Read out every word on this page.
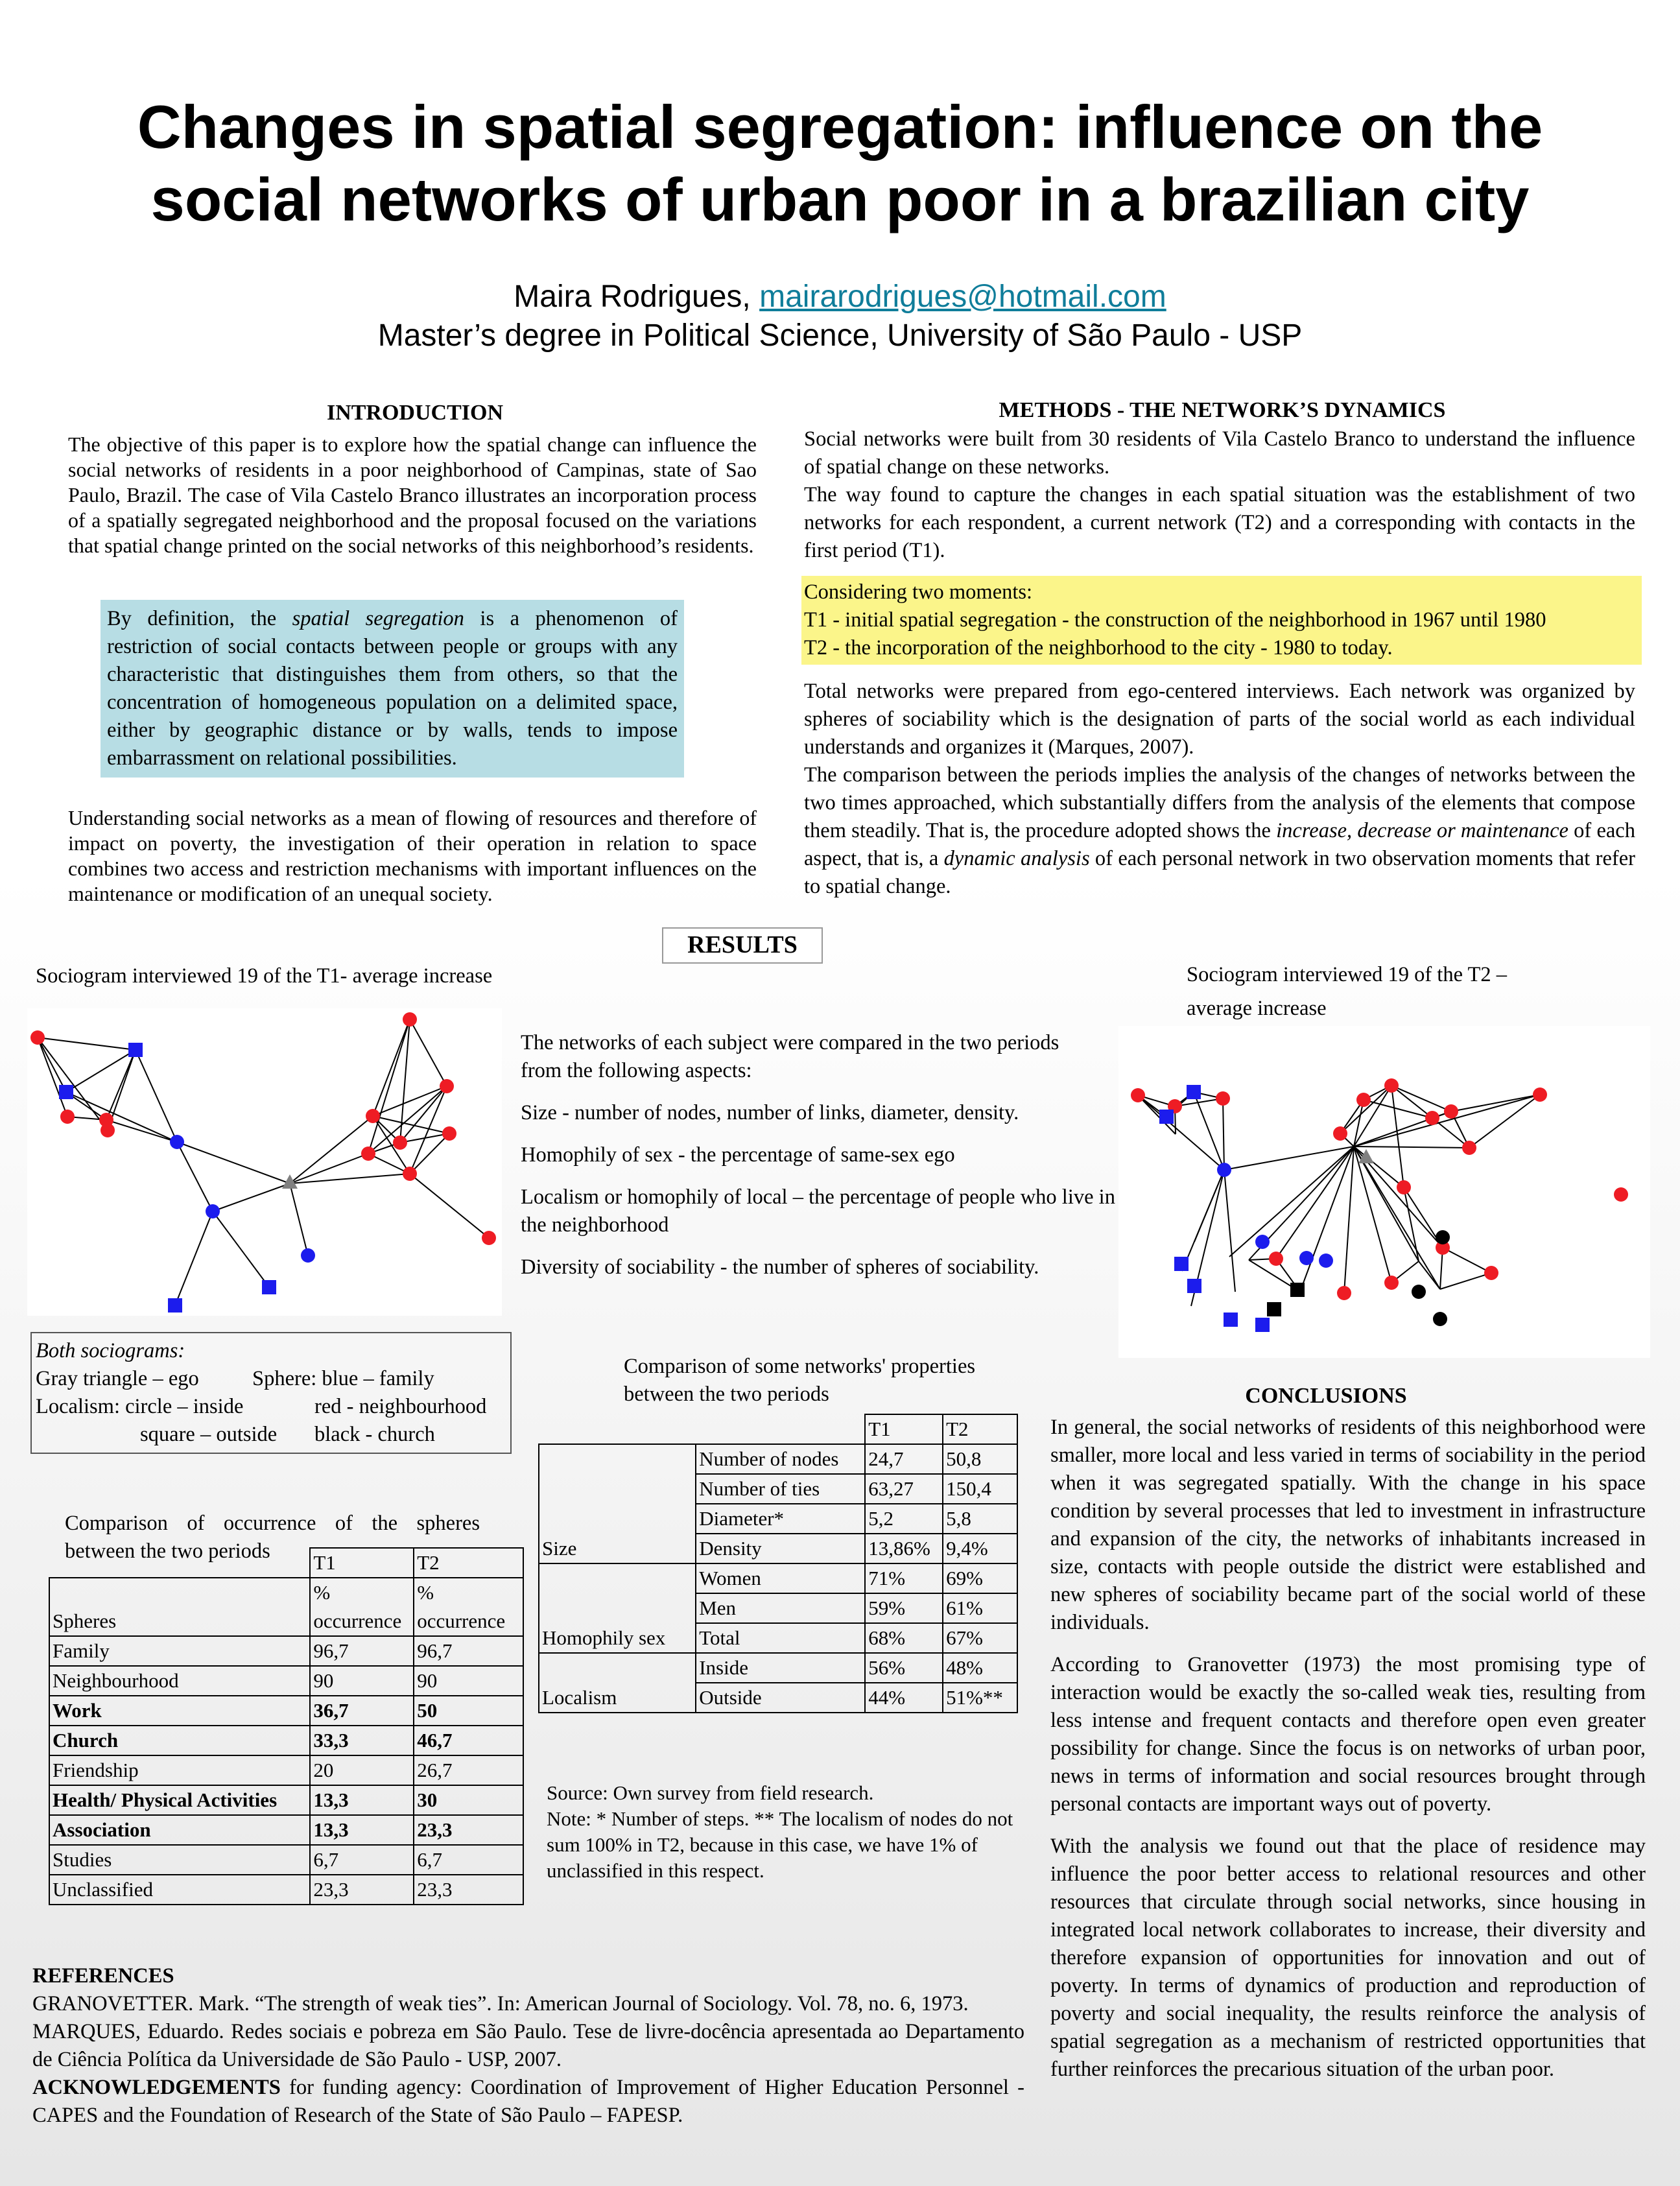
Changes in spatial segregation: influence on the
social networks of urban poor in a brazilian city
Maira Rodrigues, mairarodrigues@hotmail.com
Master’s degree in Political Science, University of São Paulo - USP
INTRODUCTION
The objective of this paper is to explore how the spatial change can influence the social networks of residents in a poor neighborhood of Campinas, state of Sao Paulo, Brazil. The case of Vila Castelo Branco illustrates an incorporation process of a spatially segregated neighborhood and the proposal focused on the variations that spatial change printed on the social networks of this neighborhood’s residents.
By definition, the spatial segregation is a phenomenon of restriction of social contacts between people or groups with any characteristic that distinguishes them from others, so that the concentration of homogeneous population on a delimited space, either by geographic distance or by walls, tends to impose embarrassment on relational possibilities.
Understanding social networks as a mean of flowing of resources and therefore of impact on poverty, the investigation of their operation in relation to space combines two access and restriction mechanisms with important influences on the maintenance or modification of an unequal society.
METHODS - THE NETWORK’S DYNAMICS
Social networks were built from 30 residents of Vila Castelo Branco to understand the influence of spatial change on these networks.
The way found to capture the changes in each spatial situation was the establishment of two networks for each respondent, a current network (T2) and a corresponding with contacts in the first period (T1).
Considering two moments:
T1 - initial spatial segregation - the construction of the neighborhood in 1967 until 1980
T2 - the incorporation of the neighborhood to the city - 1980 to today.
Total networks were prepared from ego-centered interviews. Each network was organized by spheres of sociability which is the designation of parts of the social world as each individual understands and organizes it (Marques, 2007).
The comparison between the periods implies the analysis of the changes of networks between the two times approached, which substantially differs from the analysis of the elements that compose them steadily. That is, the procedure adopted shows the increase, decrease or maintenance of each aspect, that is, a dynamic analysis of each personal network in two observation moments that refer to spatial change.
RESULTS
Sociogram interviewed 19 of the T1- average increase	Sociogram interviewed 19 of the T2 –
average increase
The networks of each subject were compared in the two periods from the following aspects:
Size - number of nodes, number of links, diameter, density.
Homophily of sex - the percentage of same-sex ego
Localism or homophily of local – the percentage of people who live in the neighborhood
Diversity of sociability - the number of spheres of sociability.
Both sociograms:
Gray triangle – ego	Sphere: blue – family
Localism: circle – inside	red - neighbourhood
square – outside black - church
Comparison of occurrence of the spheres between the two periods
		T1	T2
Spheres	% occurrence	% occurrence
Family	96,7	96,7
Neighbourhood	90	90
Work	36,7	50
Church	33,3	46,7
Friendship	20	26,7
Health/ Physical Activities	13,3	30
Association	13,3	23,3
Studies	6,7	6,7
Unclassified	23,3	23,3
Comparison of some networks' properties between the two periods
		T1	T2
Size	Number of nodes	24,7	50,8
	Number of ties	63,27	150,4
	Diameter*	5,2	5,8
	Density	13,86%	9,4%
Homophily sex	Women	71%	69%
	Men	59%	61%
	Total	68%	67%
Localism	Inside	56%	48%
	Outside	44%	51%**
Source: Own survey from field research.
Note: * Number of steps. ** The localism of nodes do not sum 100% in T2, because in this case, we have 1% of unclassified in this respect.
CONCLUSIONS
In general, the social networks of residents of this neighborhood were smaller, more local and less varied in terms of sociability in the period when it was segregated spatially. With the change in his space condition by several processes that led to investment in infrastructure and expansion of the city, the networks of inhabitants increased in size, contacts with people outside the district were established and new spheres of sociability became part of the social world of these individuals.
According to Granovetter (1973) the most promising type of interaction would be exactly the so-called weak ties, resulting from less intense and frequent contacts and therefore open even greater possibility for change. Since the focus is on networks of urban poor, news in terms of information and social resources brought through personal contacts are important ways out of poverty.
With the analysis we found out that the place of residence may influence the poor better access to relational resources and other resources that circulate through social networks, since housing in integrated local network collaborates to increase, their diversity and therefore expansion of opportunities for innovation and out of poverty. In terms of dynamics of production and reproduction of poverty and social inequality, the results reinforce the analysis of spatial segregation as a mechanism of restricted opportunities that further reinforces the precarious situation of the urban poor.
REFERENCES
GRANOVETTER. Mark. “The strength of weak ties”. In: American Journal of Sociology. Vol. 78, no. 6, 1973.
MARQUES, Eduardo. Redes sociais e pobreza em São Paulo. Tese de livre-docência apresentada ao Departamento de Ciência Política da Universidade de São Paulo - USP, 2007.
ACKNOWLEDGEMENTS for funding agency: Coordination of Improvement of Higher Education Personnel - CAPES and the Foundation of Research of the State of São Paulo – FAPESP.
